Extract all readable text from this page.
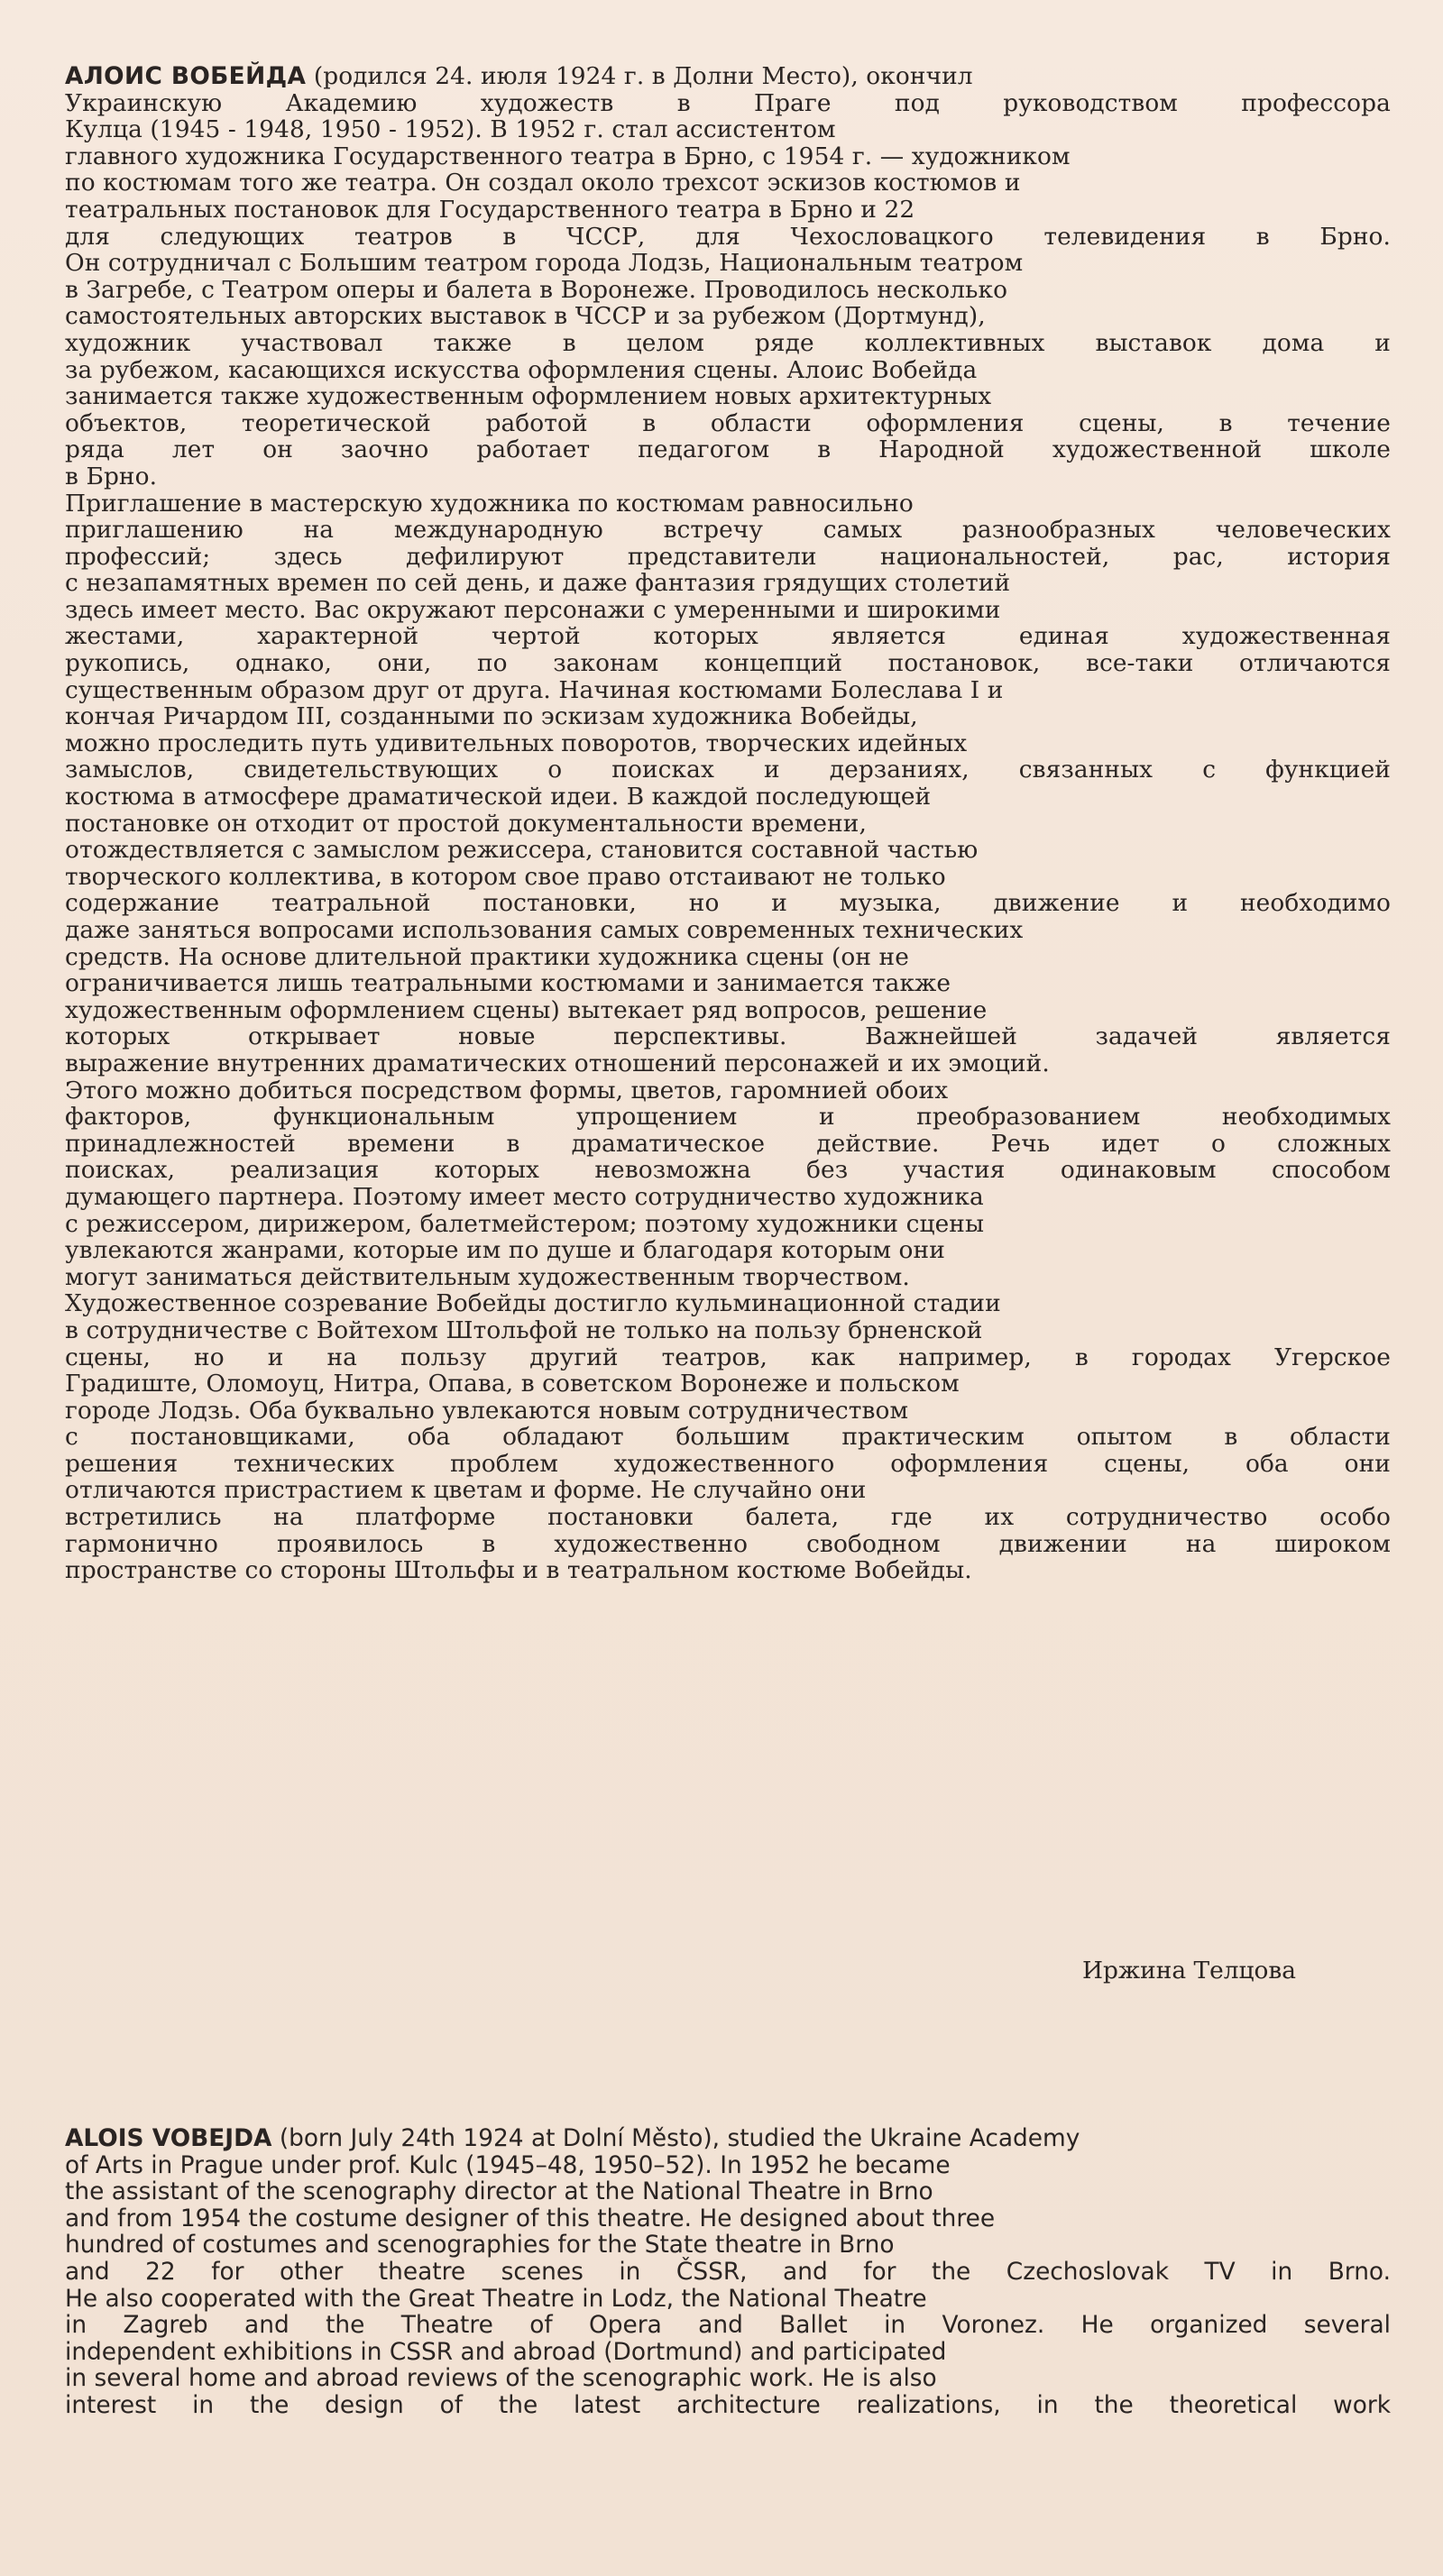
АЛОИС ВОБЕЙДА (родился 24. июля 1924 г. в Долни Место), окончил
Украинскую Академию художеств в Праге под руководством профессора
Кулца (1945 - 1948, 1950 - 1952). В 1952 г. стал ассистентом
главного художника Государственного театра в Брно, с 1954 г. — художником
по костюмам того же театра. Он создал около трехсот эскизов костюмов и
театральных постановок для Государственного театра в Брно и 22
для следующих театров в ЧССР, для Чехословацкого телевидения в Брно.
Он сотрудничал с Большим театром города Лодзь, Национальным театром
в Загребе, с Театром оперы и балета в Воронеже. Проводилось несколько
самостоятельных авторских выставок в ЧССР и за рубежом (Дортмунд),
художник участвовал также в целом ряде коллективных выставок дома и
за рубежом, касающихся искусства оформления сцены. Алоис Вобейда
занимается также художественным оформлением новых архитектурных
объектов, теоретической работой в области оформления сцены, в течение
ряда лет он заочно работает педагогом в Народной художественной школе
в Брно.
Приглашение в мастерскую художника по костюмам равносильно
приглашению на международную встречу самых разнообразных человеческих
профессий; здесь дефилируют представители национальностей, рас, история
с незапамятных времен по сей день, и даже фантазия грядущих столетий
здесь имеет место. Вас окружают персонажи с умеренными и широкими
жестами, характерной чертой которых является единая художественная
рукопись, однако, они, по законам концепций постановок, все-таки отличаются
существенным образом друг от друга. Начиная костюмами Болеслава I и
кончая Ричардом III, созданными по эскизам художника Вобейды,
можно проследить путь удивительных поворотов, творческих идейных
замыслов, свидетельствующих о поисках и дерзаниях, связанных с функцией
костюма в атмосфере драматической идеи. В каждой последующей
постановке он отходит от простой документальности времени,
отождествляется с замыслом режиссера, становится составной частью
творческого коллектива, в котором свое право отстаивают не только
содержание театральной постановки, но и музыка, движение и необходимо
даже заняться вопросами использования самых современных технических
средств. На основе длительной практики художника сцены (он не
ограничивается лишь театральными костюмами и занимается также
художественным оформлением сцены) вытекает ряд вопросов, решение
которых открывает новые перспективы. Важнейшей задачей является
выражение внутренних драматических отношений персонажей и их эмоций.
Этого можно добиться посредством формы, цветов, гаромнией обоих
факторов, функциональным упрощением и преобразованием необходимых
принадлежностей времени в драматическое действие. Речь идет о сложных
поисках, реализация которых невозможна без участия одинаковым способом
думающего партнера. Поэтому имеет место сотрудничество художника
с режиссером, дирижером, балетмейстером; поэтому художники сцены
увлекаются жанрами, которые им по душе и благодаря которым они
могут заниматься действительным художественным творчеством.
Художественное созревание Вобейды достигло кульминационной стадии
в сотрудничестве с Войтехом Штольфой не только на пользу брненской
сцены, но и на пользу другий театров, как например, в городах Угерское
Градиште, Оломоуц, Нитра, Опава, в советском Воронеже и польском
городе Лодзь. Оба буквально увлекаются новым сотрудничеством
с постановщиками, оба обладают большим практическим опытом в области
решения технических проблем художественного оформления сцены, оба они
отличаются пристрастием к цветам и форме. Не случайно они
встретились на платформе постановки балета, где их сотрудничество особо
гармонично проявилось в художественно свободном движении на широком
пространстве со стороны Штольфы и в театральном костюме Вобейды.
Иржина Телцова
ALOIS VOBEJDA (born July 24th 1924 at Dolní Město), studied the Ukraine Academy
of Arts in Prague under prof. Kulc (1945–48, 1950–52). In 1952 he became
the assistant of the scenography director at the National Theatre in Brno
and from 1954 the costume designer of this theatre. He designed about three
hundred of costumes and scenographies for the State theatre in Brno
and 22 for other theatre scenes in ČSSR, and for the Czechoslovak TV in Brno.
He also cooperated with the Great Theatre in Lodz, the National Theatre
in Zagreb and the Theatre of Opera and Ballet in Voronez. He organized several
independent exhibitions in CSSR and abroad (Dortmund) and participated
in several home and abroad reviews of the scenographic work. He is also
interest in the design of the latest architecture realizations, in the theoretical work
